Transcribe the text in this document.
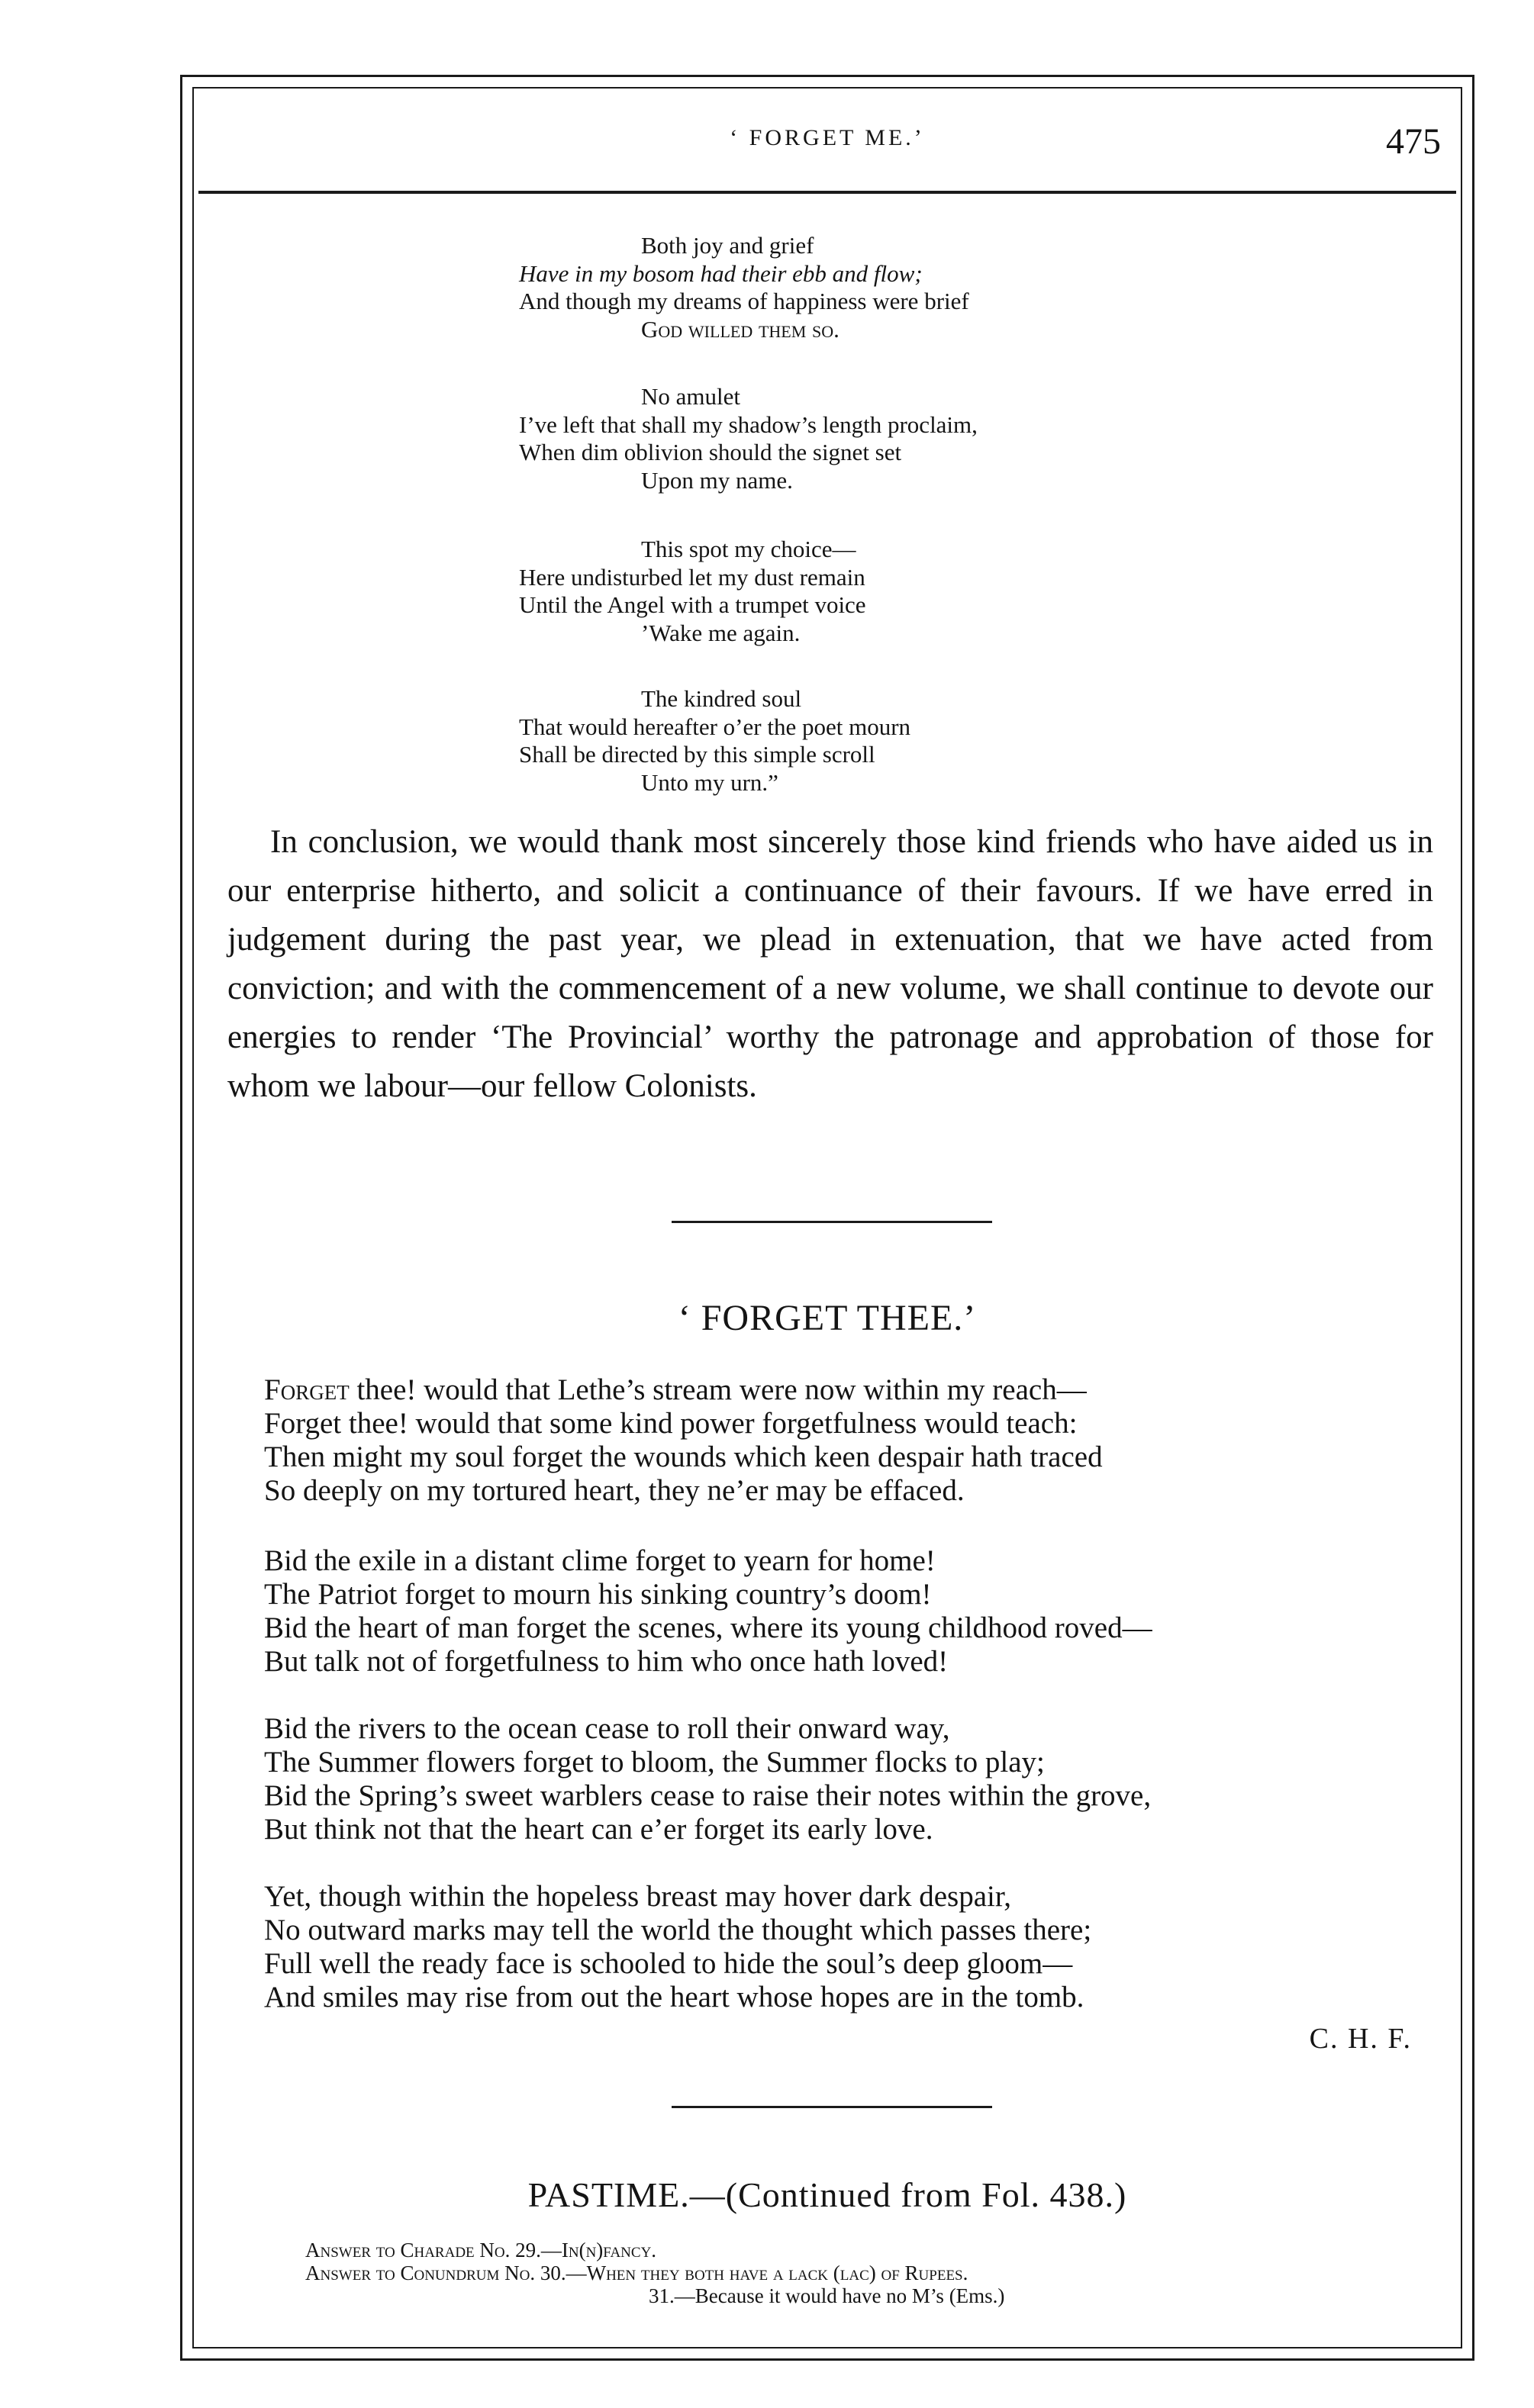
‘ FORGET ME.’	475
Both joy and grief
Have in my bosom had their ebb and flow;
And though my dreams of happiness were brief
God willed them so.
No amulet
I’ve left that shall my shadow’s length proclaim,
When dim oblivion should the signet set
Upon my name.
This spot my choice—
Here undisturbed let my dust remain
Until the Angel with a trumpet voice
’Wake me again.
The kindred soul
That would hereafter o’er the poet mourn
Shall be directed by this simple scroll
Unto my urn.”

In conclusion, we would thank most sincerely those kind friends who have aided us in our enterprise hitherto, and solicit a continuance of their favours. If we have erred in judgement during the past year, we plead in extenuation, that we have acted from conviction; and with the commencement of a new volume, we shall continue to devote our energies to render ‘The Provincial’ worthy the patronage and approbation of those for whom we labour—our fellow Colonists.

‘ FORGET THEE.’
Forget thee! would that Lethe’s stream were now within my reach—
Forget thee! would that some kind power forgetfulness would teach:
Then might my soul forget the wounds which keen despair hath traced
So deeply on my tortured heart, they ne’er may be effaced.
Bid the exile in a distant clime forget to yearn for home!
The Patriot forget to mourn his sinking country’s doom!
Bid the heart of man forget the scenes, where its young childhood roved—
But talk not of forgetfulness to him who once hath loved!
Bid the rivers to the ocean cease to roll their onward way,
The Summer flowers forget to bloom, the Summer flocks to play;
Bid the Spring’s sweet warblers cease to raise their notes within the grove,
But think not that the heart can e’er forget its early love.
Yet, though within the hopeless breast may hover dark despair,
No outward marks may tell the world the thought which passes there;
Full well the ready face is schooled to hide the soul’s deep gloom—
And smiles may rise from out the heart whose hopes are in the tomb.
C. H. F.
PASTIME.—(Continued from Fol. 438.)
Answer to Charade No. 29.—In(n)fancy.
Answer to Conundrum No. 30.—When they both have a lack (lac) of Rupees.
31.—Because it would have no M’s (Ems.)
